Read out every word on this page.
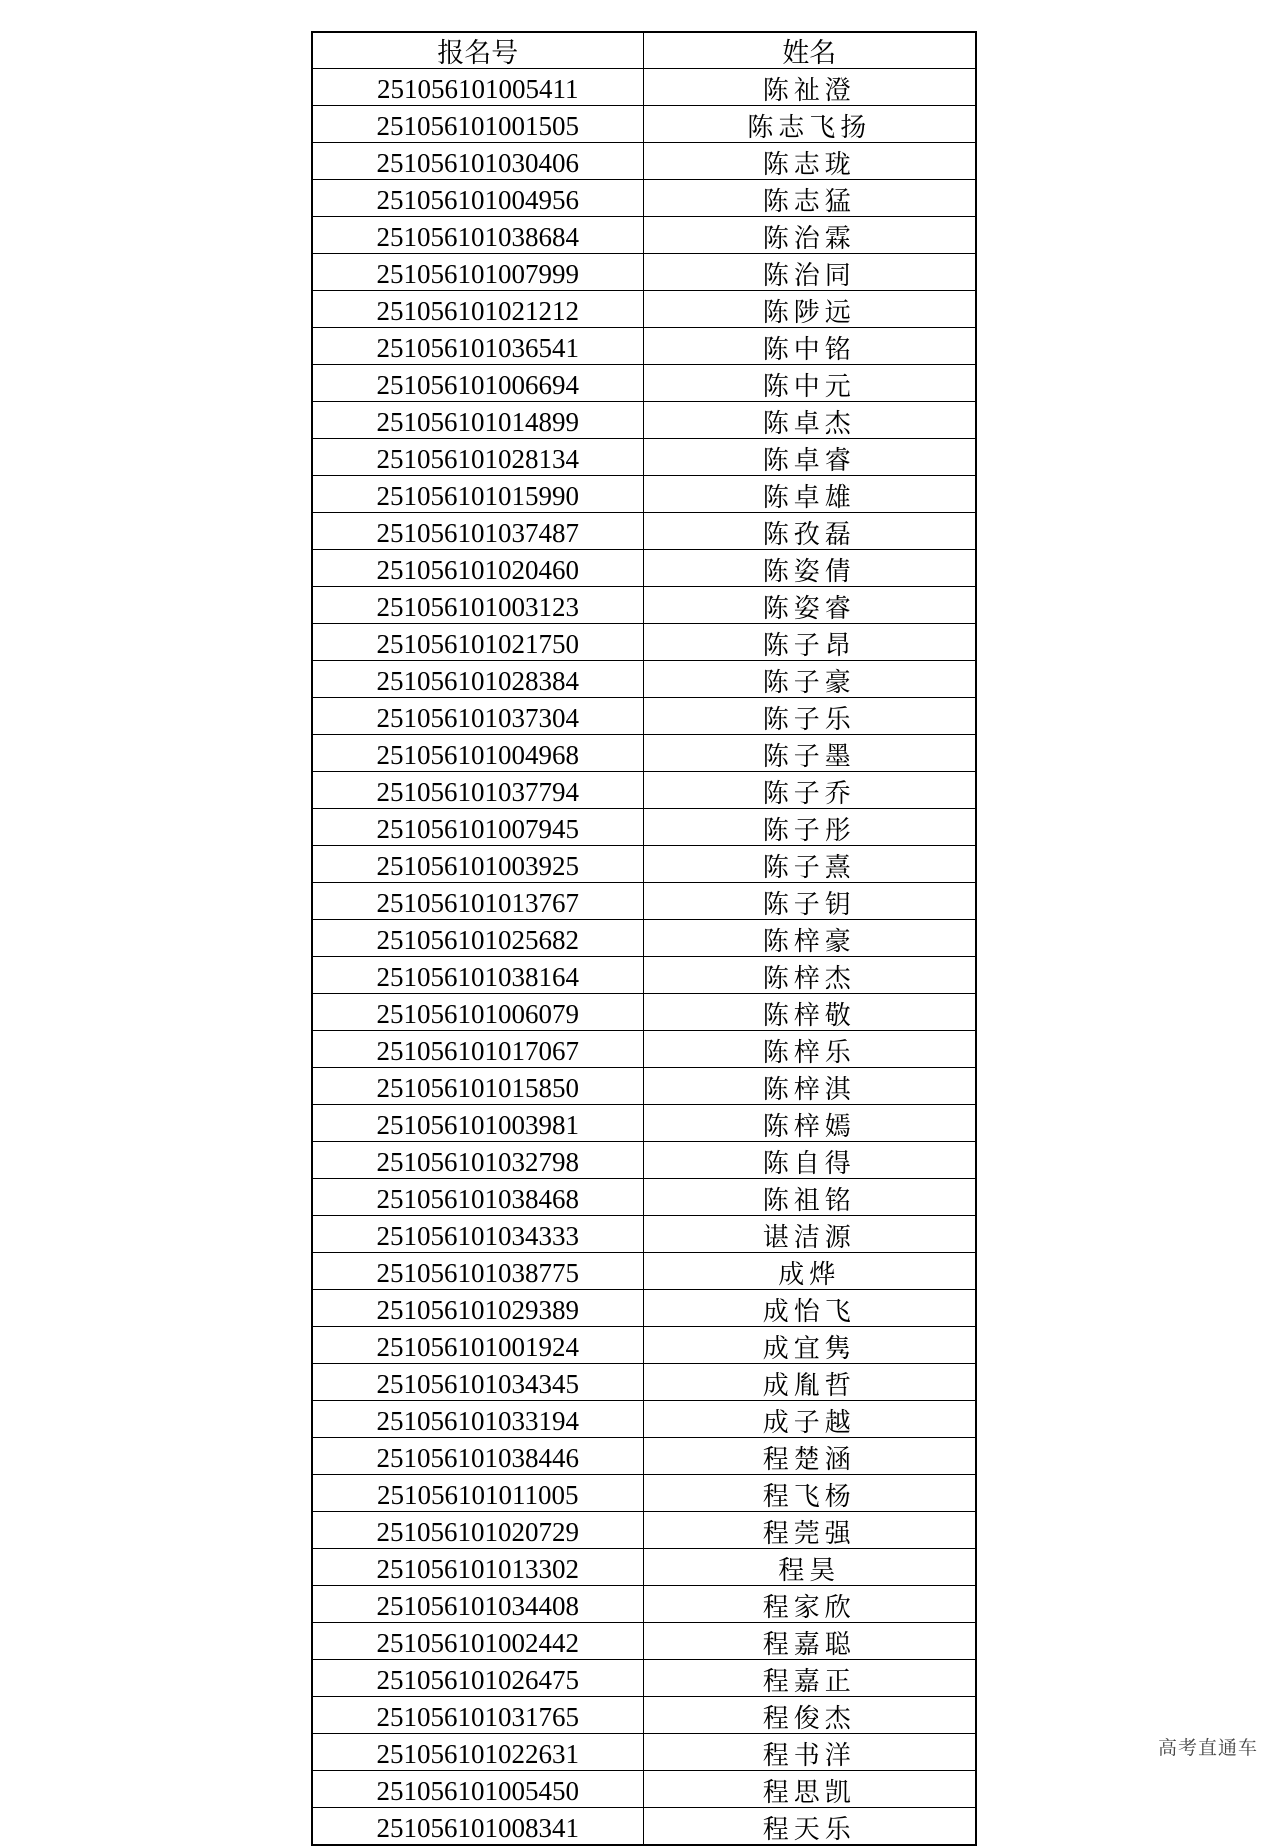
报名号	姓名
251056101005411	陈祉澄
251056101001505	陈志飞扬
251056101030406	陈志珑
251056101004956	陈志猛
251056101038684	陈治霖
251056101007999	陈治同
251056101021212	陈陟远
251056101036541	陈中铭
251056101006694	陈中元
251056101014899	陈卓杰
251056101028134	陈卓睿
251056101015990	陈卓雄
251056101037487	陈孜磊
251056101020460	陈姿倩
251056101003123	陈姿睿
251056101021750	陈子昂
251056101028384	陈子豪
251056101037304	陈子乐
251056101004968	陈子墨
251056101037794	陈子乔
251056101007945	陈子彤
251056101003925	陈子熹
251056101013767	陈子钥
251056101025682	陈梓豪
251056101038164	陈梓杰
251056101006079	陈梓敬
251056101017067	陈梓乐
251056101015850	陈梓淇
251056101003981	陈梓嫣
251056101032798	陈自得
251056101038468	陈祖铭
251056101034333	谌洁源
251056101038775	成烨
251056101029389	成怡飞
251056101001924	成宜隽
251056101034345	成胤哲
251056101033194	成子越
251056101038446	程楚涵
251056101011005	程飞杨
251056101020729	程莞强
251056101013302	程昊
251056101034408	程家欣
251056101002442	程嘉聪
251056101026475	程嘉正
251056101031765	程俊杰
251056101022631	程书洋
251056101005450	程思凯
251056101008341	程天乐
高考直通车
